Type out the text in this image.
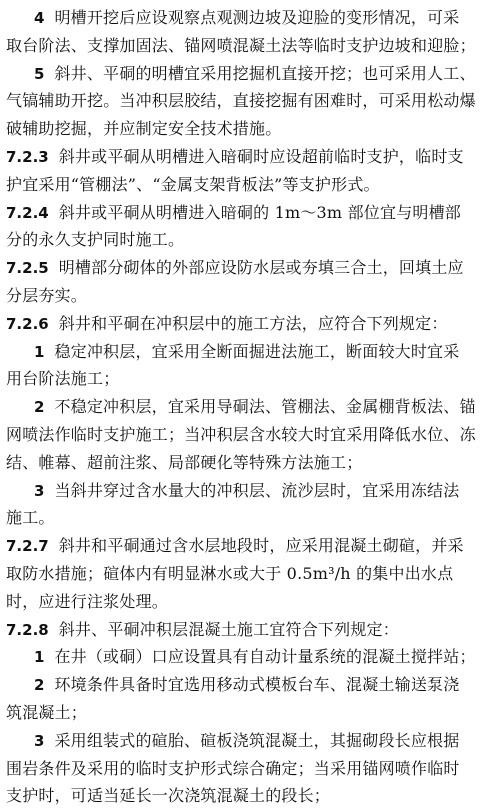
4 明槽开挖后应设观察点观测边坡及迎脸的变形情况，可采
取台阶法、支撑加固法、锚网喷混凝土法等临时支护边坡和迎脸；
5 斜井、平硐的明槽宜采用挖掘机直接开挖；也可采用人工、
气镐辅助开挖。当冲积层胶结，直接挖掘有困难时，可采用松动爆
破辅助挖掘，并应制定安全技术措施。
7.2.3 斜井或平硐从明槽进入暗硐时应设超前临时支护，临时支
护宜采用“管棚法”、“金属支架背板法”等支护形式。
7.2.4 斜井或平硐从明槽进入暗硐的 1m～3m 部位宜与明槽部
分的永久支护同时施工。
7.2.5 明槽部分砌体的外部应设防水层或夯填三合土，回填土应
分层夯实。
7.2.6 斜井和平硐在冲积层中的施工方法，应符合下列规定：
1 稳定冲积层，宜采用全断面掘进法施工，断面较大时宜采
用台阶法施工；
2 不稳定冲积层，宜采用导硐法、管棚法、金属棚背板法、锚
网喷法作临时支护施工；当冲积层含水较大时宜采用降低水位、冻
结、帷幕、超前注浆、局部硬化等特殊方法施工；
3 当斜井穿过含水量大的冲积层、流沙层时，宜采用冻结法
施工。
7.2.7 斜井和平硐通过含水层地段时，应采用混凝土砌碹，并采
取防水措施；碹体内有明显淋水或大于 0.5m³/h 的集中出水点
时，应进行注浆处理。
7.2.8 斜井、平硐冲积层混凝土施工宜符合下列规定：
1 在井（或硐）口应设置具有自动计量系统的混凝土搅拌站；
2 环境条件具备时宜选用移动式模板台车、混凝土输送泵浇
筑混凝土；
3 采用组装式的碹胎、碹板浇筑混凝土，其掘砌段长应根据
围岩条件及采用的临时支护形式综合确定；当采用锚网喷作临时
支护时，可适当延长一次浇筑混凝土的段长；
